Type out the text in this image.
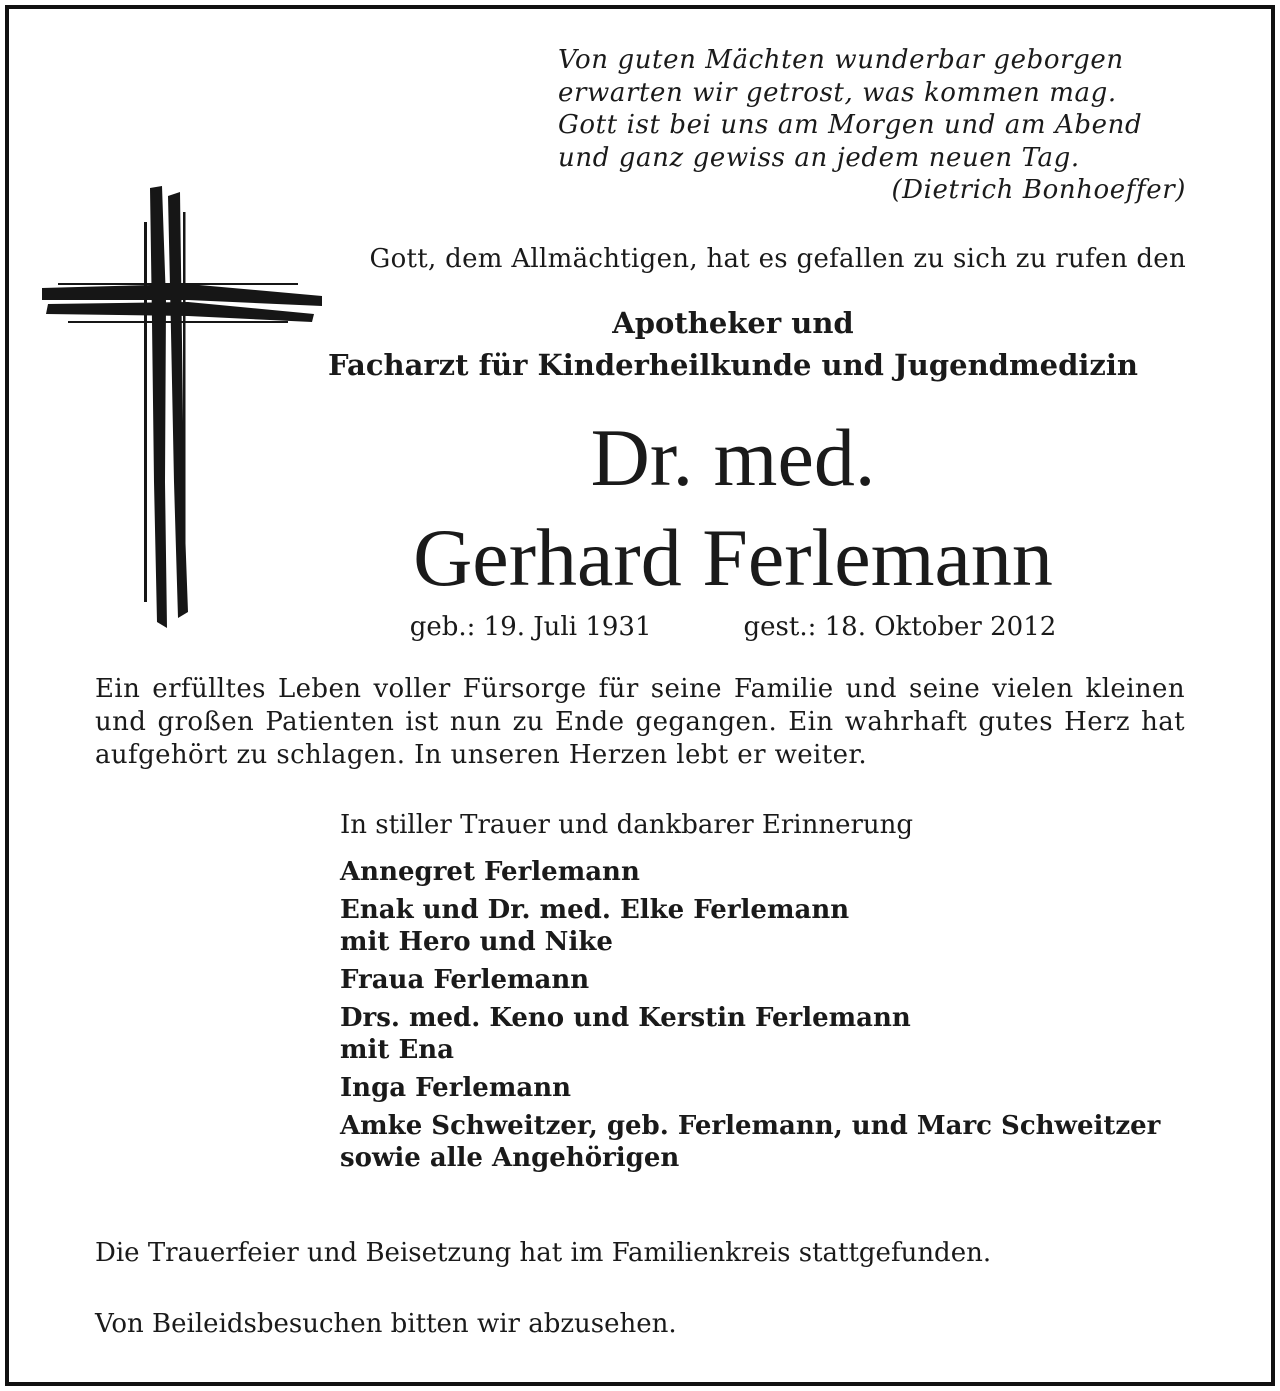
Von guten Mächten wunderbar geborgen
erwarten wir getrost, was kommen mag.
Gott ist bei uns am Morgen und am Abend
und ganz gewiss an jedem neuen Tag.
(Dietrich Bonhoeffer)
Gott, dem Allmächtigen, hat es gefallen zu sich zu rufen den
Apotheker und
Facharzt für Kinderheilkunde und Jugendmedizin
Dr. med.
Gerhard Ferlemann
geb.: 19. Juli 1931	gest.: 18. Oktober 2012
Ein erfülltes Leben voller Fürsorge für seine Familie und seine vielen kleinen und großen Patienten ist nun zu Ende gegangen. Ein wahrhaft gutes Herz hat aufgehört zu schlagen. In unseren Herzen lebt er weiter.
In stiller Trauer und dankbarer Erinnerung
Annegret Ferlemann
Enak und Dr. med. Elke Ferlemann
mit Hero und Nike
Fraua Ferlemann
Drs. med. Keno und Kerstin Ferlemann
mit Ena
Inga Ferlemann
Amke Schweitzer, geb. Ferlemann, und Marc Schweitzer
sowie alle Angehörigen
Die Trauerfeier und Beisetzung hat im Familienkreis stattgefunden.
Von Beileidsbesuchen bitten wir abzusehen.
